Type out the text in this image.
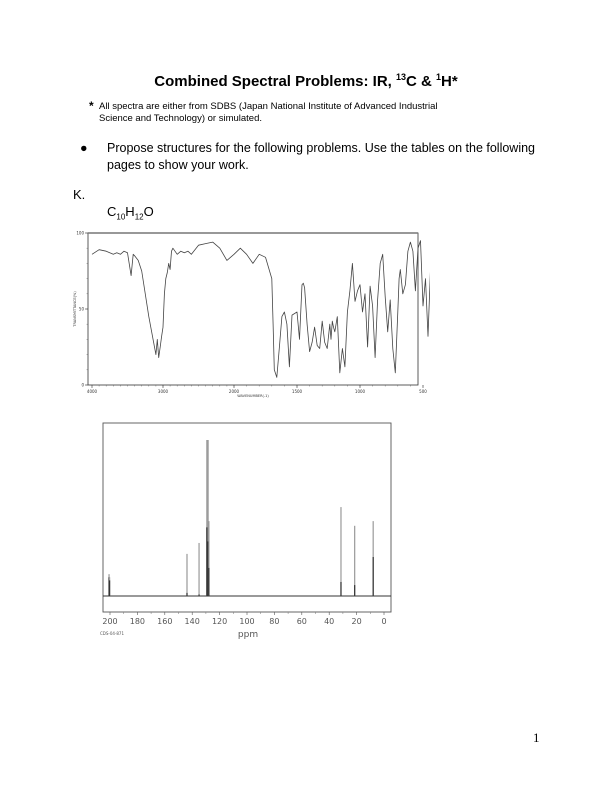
Combined Spectral Problems: IR, $^{13}$C & $^1$H*
* All spectra are either from SDBS (Japan National Institute of Advanced Industrial
Science and Technology) or simulated.
● Propose structures for the following problems. Use the tables on the following
pages to show your work.
K.
$C_{10}H_{12}O$
100
50
0
4000	3000	2000	1500	1000	500
WAVENUMBER(-1)
TRANSMITTANCE(%)
200 180 160 140 120 100 80 60 40 20 0
ppm
CDS-04-871
1
